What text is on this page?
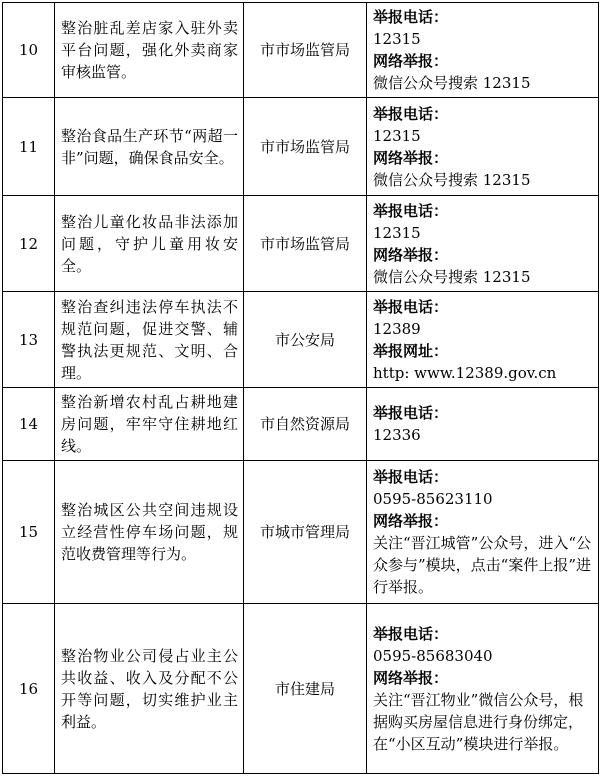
10	整治脏乱差店家入驻外卖平台问题，强化外卖商家审核监管。	市市场监管局	举报电话：
12315
网络举报：
微信公众号搜索 12315

11	整治食品生产环节“两超一非”问题，确保食品安全。	市市场监管局	举报电话：
12315
网络举报：
微信公众号搜索 12315

12	整治儿童化妆品非法添加问题，守护儿童用妆安全。	市市场监管局	举报电话：
12315
网络举报：
微信公众号搜索 12315

13	整治查纠违法停车执法不规范问题，促进交警、辅警执法更规范、文明、合理。	市公安局	举报电话：
12389
举报网址：
http: www.12389.gov.cn

14	整治新增农村乱占耕地建房问题，牢牢守住耕地红线。	市自然资源局	举报电话：
12336

15	整治城区公共空间违规设立经营性停车场问题，规范收费管理等行为。	市城市管理局	举报电话：
0595-85623110
网络举报：
关注“晋江城管”公众号，进入“公众参与”模块，点击“案件上报”进行举报。

16	整治物业公司侵占业主公共收益、收入及分配不公开等问题，切实维护业主利益。	市住建局	举报电话：
0595-85683040
网络举报：
关注“晋江物业”微信公众号，根据购买房屋信息进行身份绑定，在“小区互动”模块进行举报。
